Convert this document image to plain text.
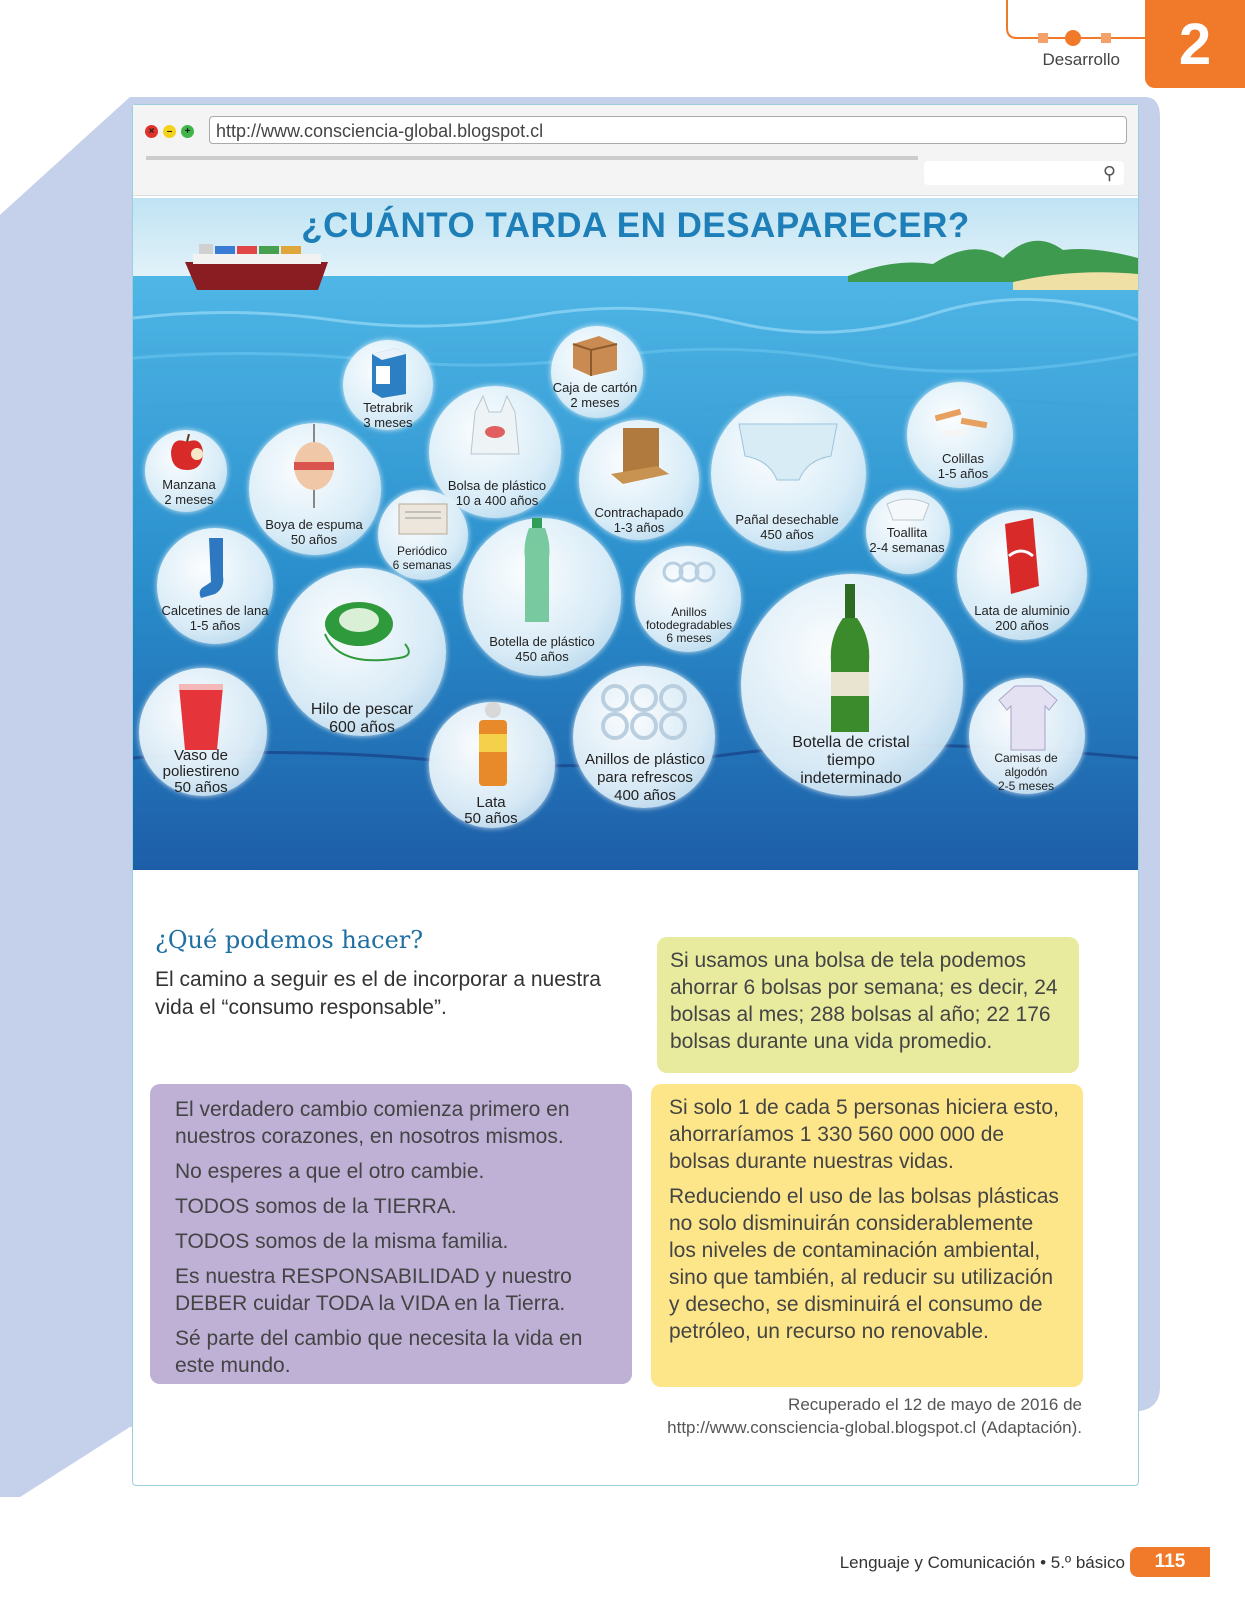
Desarrollo	2
×	–	+	http://www.consciencia-global.blogspot.cl
⚲
¿CUÁNTO TARDA EN DESAPARECER?
Tetrabrik
3 meses
Caja de cartón
2 meses
Manzana
2 meses
Boya de espuma
50 años
Bolsa de plástico
10 a 400 años
Contrachapado
1-3 años
Pañal desechable
450 años
Colillas
1-5 años
Periódico
6 semanas
Toallita
2-4 semanas
Calcetines de lana
1-5 años
Botella de plástico
450 años
Anillos fotodegradables
6 meses
Lata de aluminio
200 años
Hilo de pescar
600 años
Botella de cristal
tiempo indeterminado
Vaso de poliestireno
50 años
Lata
50 años
Anillos de plástico para refrescos
400 años
Camisas de algodón
2-5 meses
¿Qué podemos hacer?
El camino a seguir es el de incorporar a nuestra vida el “consumo responsable”.

Si usamos una bolsa de tela podemos ahorrar 6 bolsas por semana; es decir, 24 bolsas al mes; 288 bolsas al año; 22 176 bolsas durante una vida promedio.

El verdadero cambio comienza primero en nuestros corazones, en nosotros mismos.

No esperes a que el otro cambie.

TODOS somos de la TIERRA.

TODOS somos de la misma familia.

Es nuestra RESPONSABILIDAD y nuestro DEBER cuidar TODA la VIDA en la Tierra.

Sé parte del cambio que necesita la vida en este mundo.

Si solo 1 de cada 5 personas hiciera esto, ahorraríamos 1 330 560 000 000 de bolsas durante nuestras vidas.

Reduciendo el uso de las bolsas plásticas no solo disminuirán considerablemente los niveles de contaminación ambiental, sino que también, al reducir su utilización y desecho, se disminuirá el consumo de petróleo, un recurso no renovable.

Recuperado el 12 de mayo de 2016 de
http://www.consciencia-global.blogspot.cl (Adaptación).
Lenguaje y Comunicación • 5.º básico	115
